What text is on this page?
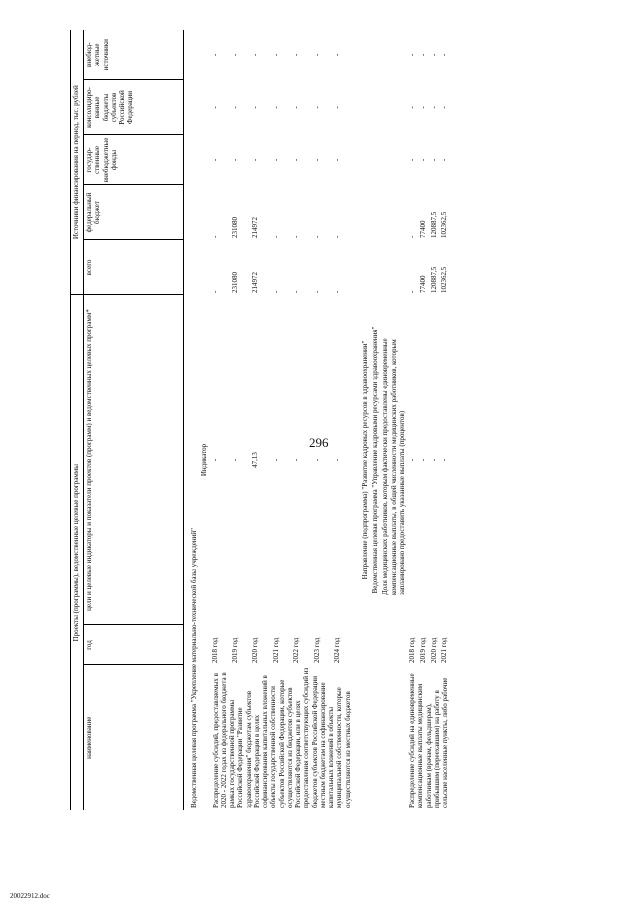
296
Проекты (программы), ведомственные целевые программы			Источники финансирования на период, тыс. рублей				
наименование	год	цели и целевые индикаторы и показатели проектов (программ) и ведомственных целевых программ*	всего	федеральный бюджет	государ-ственные внебюджетные фонды	консолидиро-ванные бюджеты субъектов Российской Федерации	внебюд-жетные источники
Ведомственная целевая программа "Укрепление материально-технической базы учреждений"							
		Индикатор					
Распределение субсидий, предоставляемых в 2020 - 2022 годах из федерального бюджета в рамках государственной программы Российской Федерации "Развитие здравоохранения" бюджетам субъектов Российской Федерации в целях софинансирования капитальных вложений в объекты государственной собственности субъектов Российской Федерации, которые осуществляются из бюджетов субъектов Российской Федерации, или в целях предоставления соответствующих субсидий из бюджетов субъектов Российской Федерации местным бюджетам на софинансирование капитальных вложений в объекты муниципальной собственности, которые осуществляются из местных бюджетов	2018 год	-	-	-	-	-	-
	2019 год	-	231080	231080	-	-	-
	2020 год	47,13	214972	214972	-	-	-
	2021 год	-	-	-	-	-	-
	2022 год	-	-	-	-	-	-
	2023 год	-	-	-	-	-	-
	2024 год	-	-	-	-	-	-
		Направление (подпрограмма) "Развитие кадровых ресурсов в здравоохранении"					
		Ведомственная целевая программа "Управление кадровыми ресурсами здравоохранения"					
		Доля медицинских работников, которым фактически предоставлены единовременные компенсационные выплаты, в общей численности медицинских работников, которым запланировано предоставить указанные выплаты (процентов)					
Распределение субсидий на единовременные компенсационные выплаты медицинским работникам (врачам, фельдшерам), прибывшим (переехавшим) на работу в сельские населенные пункты, либо рабочие	2018 год	-	-	-	-	-	-
	2019 год	-	77400	77400	-	-	-
	2020 год	-	120887,5	120887,5	-	-	-
	2021 год	-	102362,5	102362,5	-	-	-
20022912.doc
